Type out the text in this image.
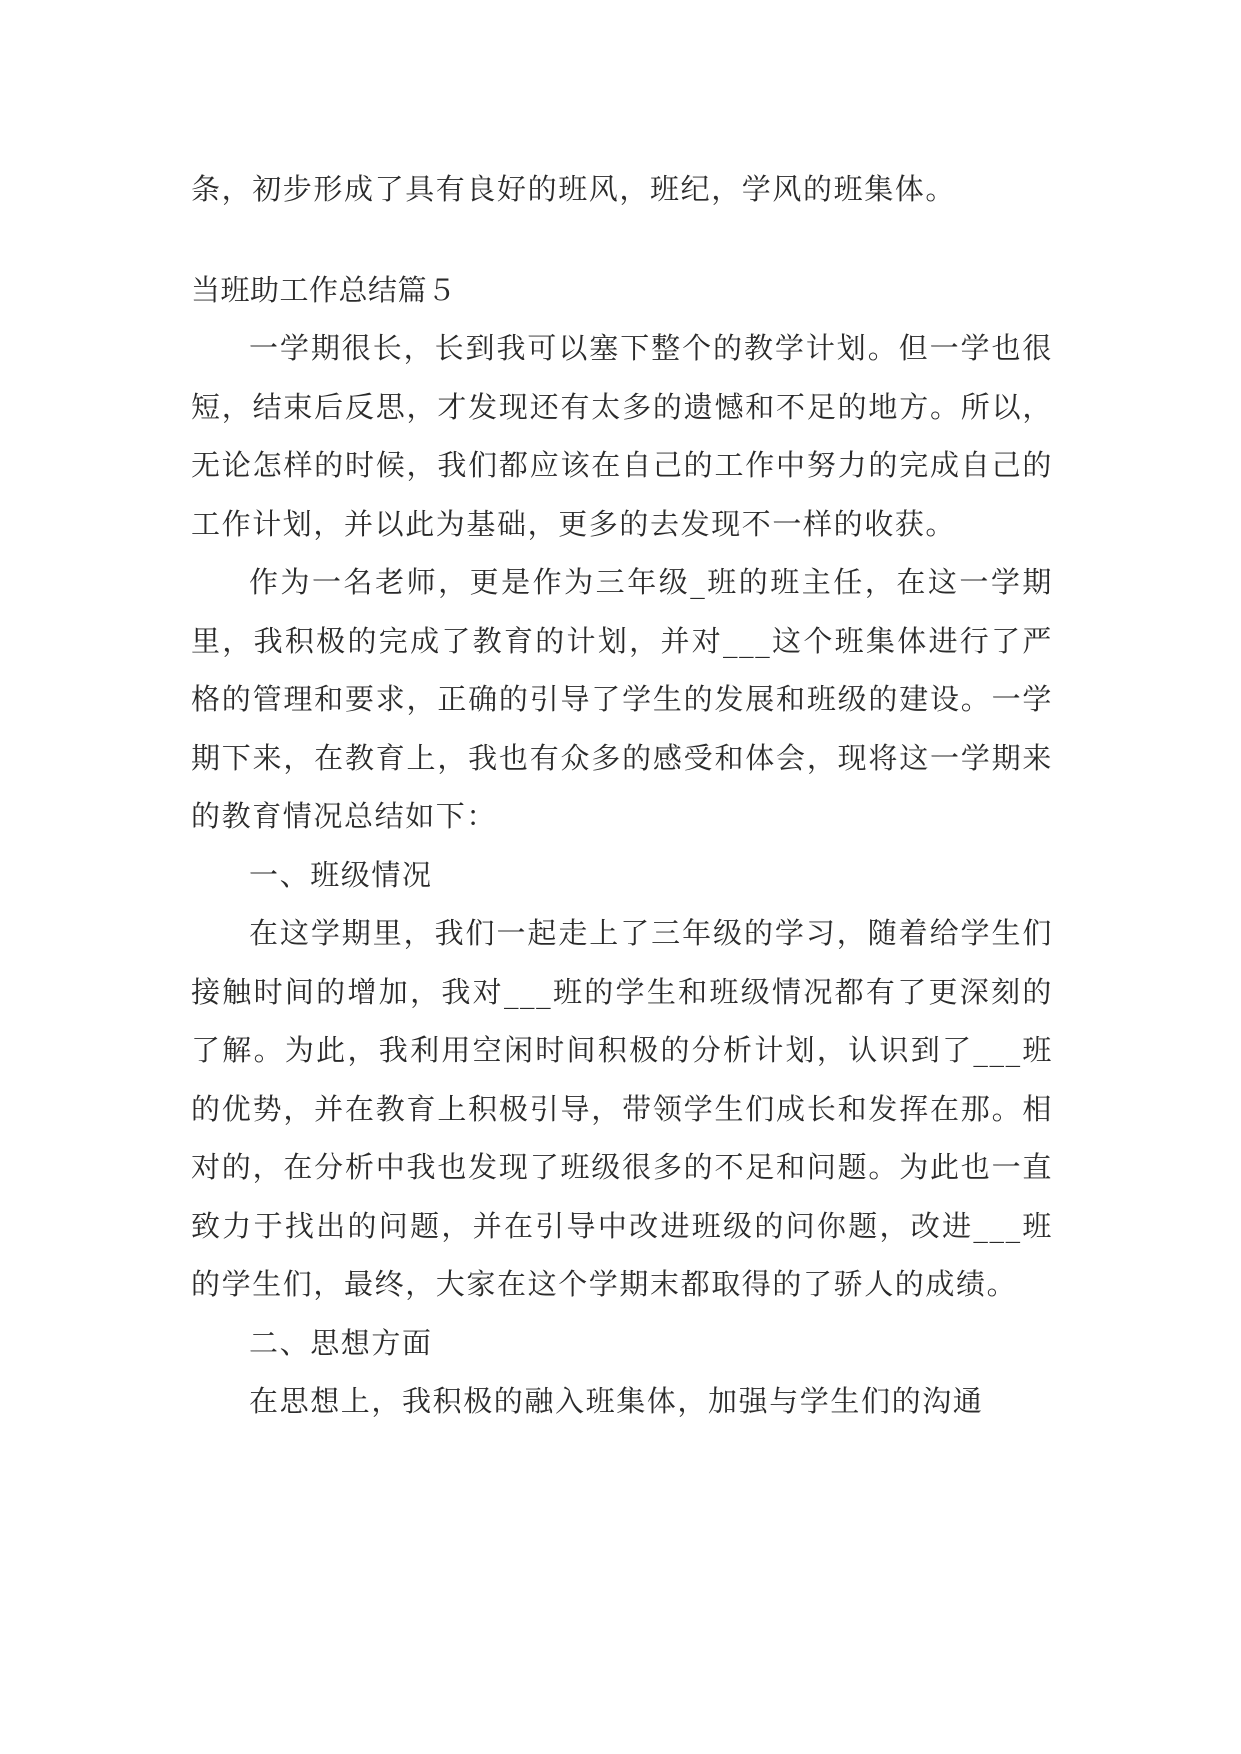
条，初步形成了具有良好的班风，班纪，学风的班集体。

当班助工作总结篇５

一学期很长，长到我可以塞下整个的教学计划。但一学也很短，结束后反思，才发现还有太多的遗憾和不足的地方。所以，无论怎样的时候，我们都应该在自己的工作中努力的完成自己的工作计划，并以此为基础，更多的去发现不一样的收获。

作为一名老师，更是作为三年级_班的班主任，在这一学期里，我积极的完成了教育的计划，并对___这个班集体进行了严格的管理和要求，正确的引导了学生的发展和班级的建设。一学期下来，在教育上，我也有众多的感受和体会，现将这一学期来的教育情况总结如下：

一、班级情况

在这学期里，我们一起走上了三年级的学习，随着给学生们接触时间的增加，我对___班的学生和班级情况都有了更深刻的了解。为此，我利用空闲时间积极的分析计划，认识到了___班的优势，并在教育上积极引导，带领学生们成长和发挥在那。相对的，在分析中我也发现了班级很多的不足和问题。为此也一直致力于找出的问题，并在引导中改进班级的问你题，改进___班的学生们，最终，大家在这个学期末都取得的了骄人的成绩。

二、思想方面

在思想上，我积极的融入班集体，加强与学生们的沟通
